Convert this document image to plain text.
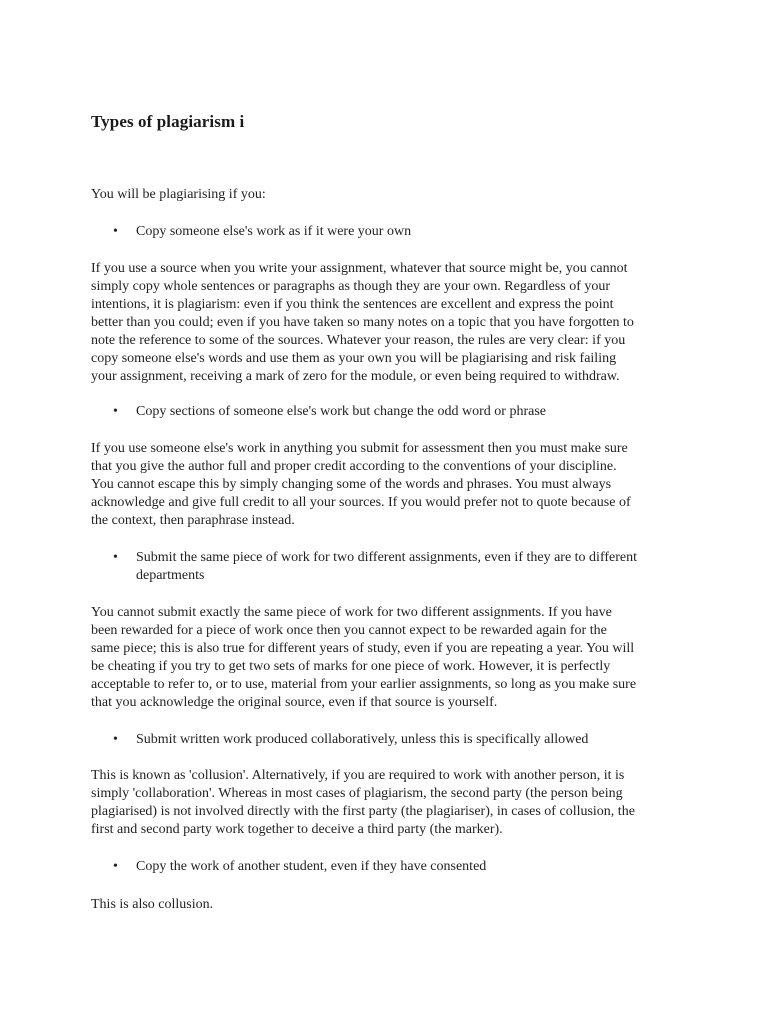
Types of plagiarism i

You will be plagiarising if you:

• Copy someone else's work as if it were your own
If you use a source when you write your assignment, whatever that source might be, you cannot
simply copy whole sentences or paragraphs as though they are your own. Regardless of your
intentions, it is plagiarism: even if you think the sentences are excellent and express the point
better than you could; even if you have taken so many notes on a topic that you have forgotten to
note the reference to some of the sources. Whatever your reason, the rules are very clear: if you
copy someone else's words and use them as your own you will be plagiarising and risk failing
your assignment, receiving a mark of zero for the module, or even being required to withdraw.
• Copy sections of someone else's work but change the odd word or phrase
If you use someone else's work in anything you submit for assessment then you must make sure
that you give the author full and proper credit according to the conventions of your discipline.
You cannot escape this by simply changing some of the words and phrases. You must always
acknowledge and give full credit to all your sources. If you would prefer not to quote because of
the context, then paraphrase instead.
• Submit the same piece of work for two different assignments, even if they are to different
departments
You cannot submit exactly the same piece of work for two different assignments. If you have
been rewarded for a piece of work once then you cannot expect to be rewarded again for the
same piece; this is also true for different years of study, even if you are repeating a year. You will
be cheating if you try to get two sets of marks for one piece of work. However, it is perfectly
acceptable to refer to, or to use, material from your earlier assignments, so long as you make sure
that you acknowledge the original source, even if that source is yourself.
• Submit written work produced collaboratively, unless this is specifically allowed
This is known as 'collusion'. Alternatively, if you are required to work with another person, it is
simply 'collaboration'. Whereas in most cases of plagiarism, the second party (the person being
plagiarised) is not involved directly with the first party (the plagiariser), in cases of collusion, the
first and second party work together to deceive a third party (the marker).
• Copy the work of another student, even if they have consented
This is also collusion.
